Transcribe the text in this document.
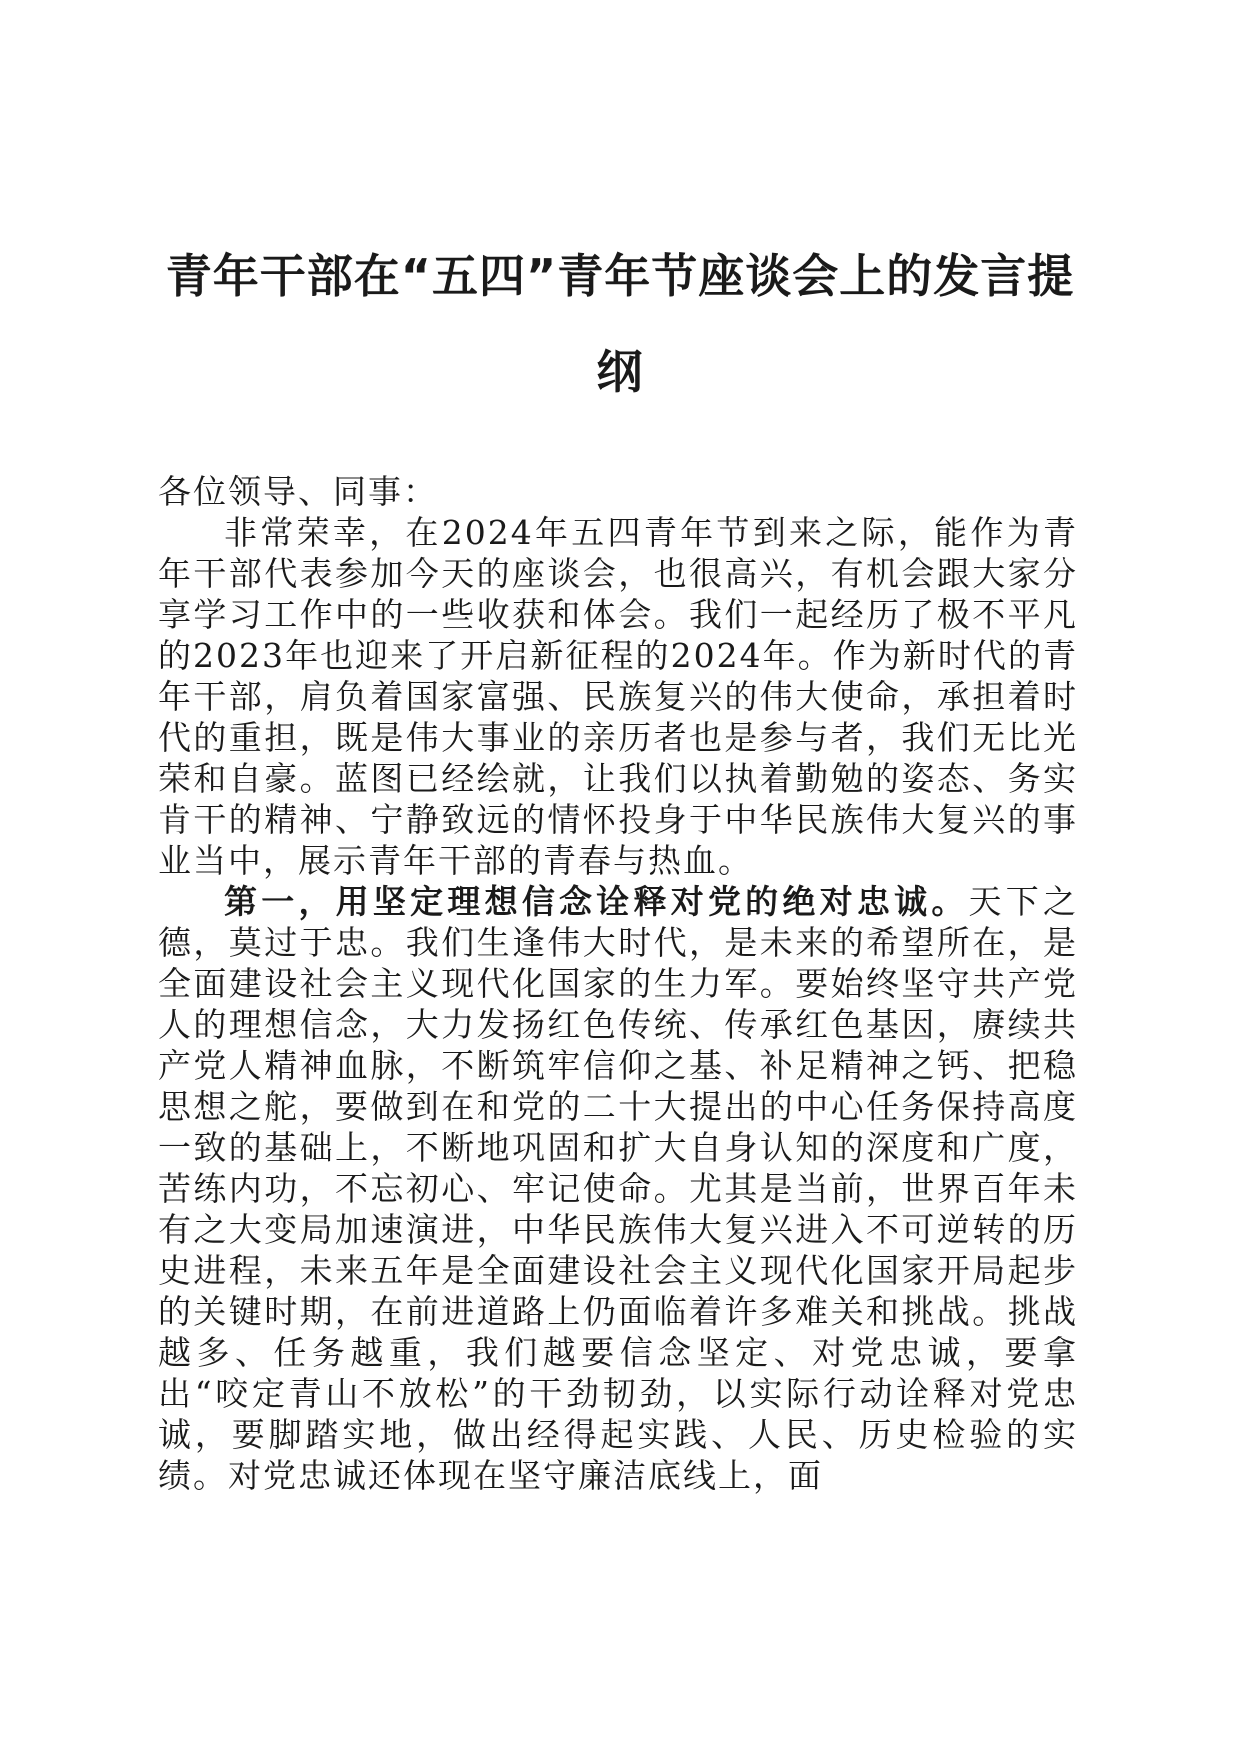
青年干部在“五四”青年节座谈会上的发言提纲

各位领导、同事：

非常荣幸，在2024年五四青年节到来之际，能作为青年干部代表参加今天的座谈会，也很高兴，有机会跟大家分享学习工作中的一些收获和体会。我们一起经历了极不平凡的2023年也迎来了开启新征程的2024年。作为新时代的青年干部，肩负着国家富强、民族复兴的伟大使命，承担着时代的重担，既是伟大事业的亲历者也是参与者，我们无比光荣和自豪。蓝图已经绘就，让我们以执着勤勉的姿态、务实肯干的精神、宁静致远的情怀投身于中华民族伟大复兴的事业当中，展示青年干部的青春与热血。

第一，用坚定理想信念诠释对党的绝对忠诚。天下之德，莫过于忠。我们生逢伟大时代，是未来的希望所在，是全面建设社会主义现代化国家的生力军。要始终坚守共产党人的理想信念，大力发扬红色传统、传承红色基因，赓续共产党人精神血脉，不断筑牢信仰之基、补足精神之钙、把稳思想之舵，要做到在和党的二十大提出的中心任务保持高度一致的基础上，不断地巩固和扩大自身认知的深度和广度，苦练内功，不忘初心、牢记使命。尤其是当前，世界百年未有之大变局加速演进，中华民族伟大复兴进入不可逆转的历史进程，未来五年是全面建设社会主义现代化国家开局起步的关键时期，在前进道路上仍面临着许多难关和挑战。挑战越多、任务越重，我们越要信念坚定、对党忠诚，要拿出“咬定青山不放松”的干劲韧劲，以实际行动诠释对党忠诚，要脚踏实地，做出经得起实践、人民、历史检验的实绩。对党忠诚还体现在坚守廉洁底线上，面
